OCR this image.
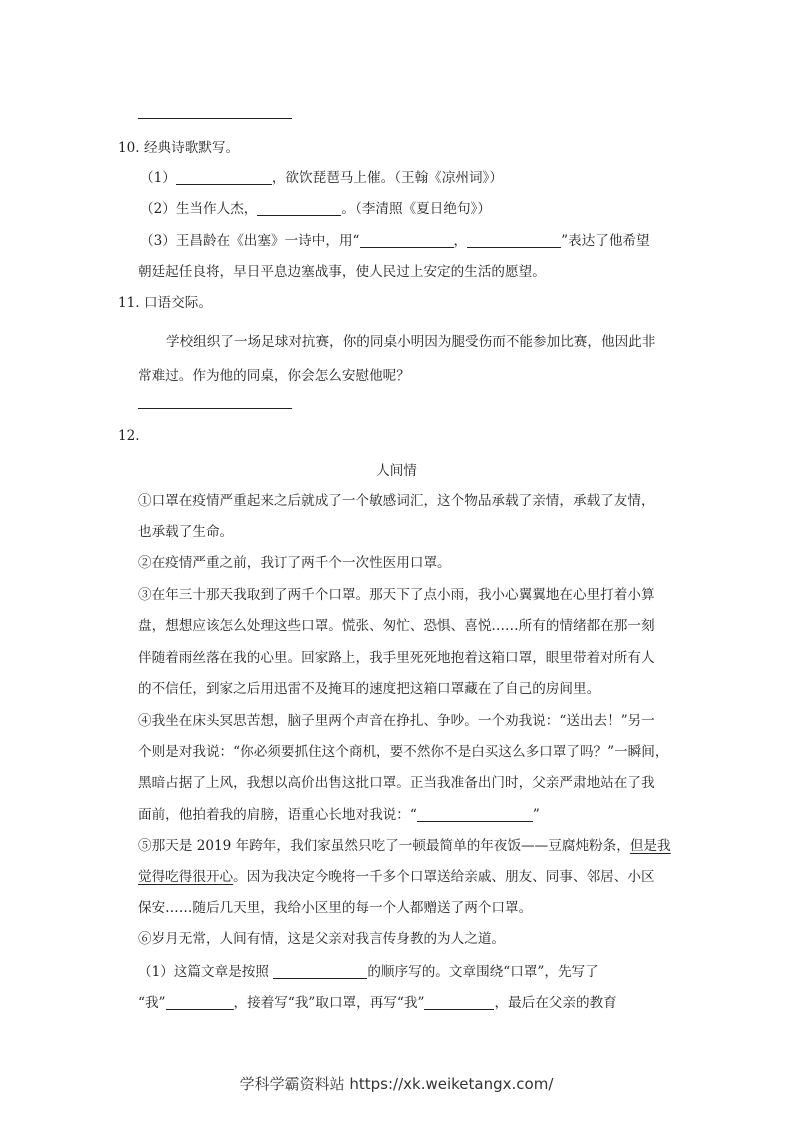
10. 经典诗歌默写。
（1）	，欲饮琵琶马上催。（王翰《凉州词》）
（2）生当作人杰，	。（李清照《夏日绝句》）
（3）王昌龄在《出塞》一诗中，用“	，	”表达了他希望
朝廷起任良将，早日平息边塞战事，使人民过上安定的生活的愿望。
11. 口语交际。
学校组织了一场足球对抗赛，你的同桌小明因为腿受伤而不能参加比赛，他因此非
常难过。作为他的同桌，你会怎么安慰他呢？
12.
人间情
①口罩在疫情严重起来之后就成了一个敏感词汇，这个物品承载了亲情，承载了友情，
也承载了生命。
②在疫情严重之前，我订了两千个一次性医用口罩。
③在年三十那天我取到了两千个口罩。那天下了点小雨，我小心翼翼地在心里打着小算
盘，想想应该怎么处理这些口罩。慌张、匆忙、恐惧、喜悦……所有的情绪都在那一刻
伴随着雨丝落在我的心里。回家路上，我手里死死地抱着这箱口罩，眼里带着对所有人
的不信任，到家之后用迅雷不及掩耳的速度把这箱口罩藏在了自己的房间里。
④我坐在床头冥思苦想，脑子里两个声音在挣扎、争吵。一个劝我说：“送出去！”另一
个则是对我说：“你必须要抓住这个商机，要不然你不是白买这么多口罩了吗？”一瞬间，
黑暗占据了上风，我想以高价出售这批口罩。正当我准备出门时，父亲严肃地站在了我
面前，他拍着我的肩膀，语重心长地对我说：“	”
⑤那天是 2019 年跨年，我们家虽然只吃了一顿最简单的年夜饭——豆腐炖粉条，但是我
觉得吃得很开心。因为我决定今晚将一千多个口罩送给亲戚、朋友、同事、邻居、小区
保安……随后几天里，我给小区里的每一个人都赠送了两个口罩。
⑥岁月无常，人间有情，这是父亲对我言传身教的为人之道。
（1）这篇文章是按照	的顺序写的。文章围绕“口罩”，先写了
“我”	，接着写“我”取口罩，再写“我”	，最后在父亲的教育
学科学霸资料站 https://xk.weiketangx.com/
